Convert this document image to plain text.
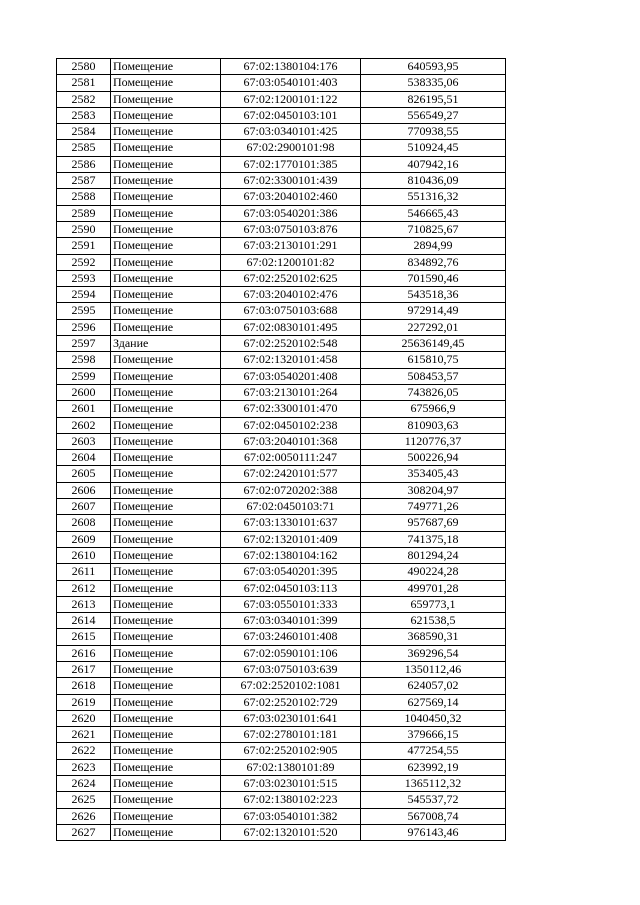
2580	Помещение	67:02:1380104:176	640593,95
2581	Помещение	67:03:0540101:403	538335,06
2582	Помещение	67:02:1200101:122	826195,51
2583	Помещение	67:02:0450103:101	556549,27
2584	Помещение	67:03:0340101:425	770938,55
2585	Помещение	67:02:2900101:98	510924,45
2586	Помещение	67:02:1770101:385	407942,16
2587	Помещение	67:02:3300101:439	810436,09
2588	Помещение	67:03:2040102:460	551316,32
2589	Помещение	67:03:0540201:386	546665,43
2590	Помещение	67:03:0750103:876	710825,67
2591	Помещение	67:03:2130101:291	2894,99
2592	Помещение	67:02:1200101:82	834892,76
2593	Помещение	67:02:2520102:625	701590,46
2594	Помещение	67:03:2040102:476	543518,36
2595	Помещение	67:03:0750103:688	972914,49
2596	Помещение	67:02:0830101:495	227292,01
2597	Здание	67:02:2520102:548	25636149,45
2598	Помещение	67:02:1320101:458	615810,75
2599	Помещение	67:03:0540201:408	508453,57
2600	Помещение	67:03:2130101:264	743826,05
2601	Помещение	67:02:3300101:470	675966,9
2602	Помещение	67:02:0450102:238	810903,63
2603	Помещение	67:03:2040101:368	1120776,37
2604	Помещение	67:02:0050111:247	500226,94
2605	Помещение	67:02:2420101:577	353405,43
2606	Помещение	67:02:0720202:388	308204,97
2607	Помещение	67:02:0450103:71	749771,26
2608	Помещение	67:03:1330101:637	957687,69
2609	Помещение	67:02:1320101:409	741375,18
2610	Помещение	67:02:1380104:162	801294,24
2611	Помещение	67:03:0540201:395	490224,28
2612	Помещение	67:02:0450103:113	499701,28
2613	Помещение	67:03:0550101:333	659773,1
2614	Помещение	67:03:0340101:399	621538,5
2615	Помещение	67:03:2460101:408	368590,31
2616	Помещение	67:02:0590101:106	369296,54
2617	Помещение	67:03:0750103:639	1350112,46
2618	Помещение	67:02:2520102:1081	624057,02
2619	Помещение	67:02:2520102:729	627569,14
2620	Помещение	67:03:0230101:641	1040450,32
2621	Помещение	67:02:2780101:181	379666,15
2622	Помещение	67:02:2520102:905	477254,55
2623	Помещение	67:02:1380101:89	623992,19
2624	Помещение	67:03:0230101:515	1365112,32
2625	Помещение	67:02:1380102:223	545537,72
2626	Помещение	67:03:0540101:382	567008,74
2627	Помещение	67:02:1320101:520	976143,46
